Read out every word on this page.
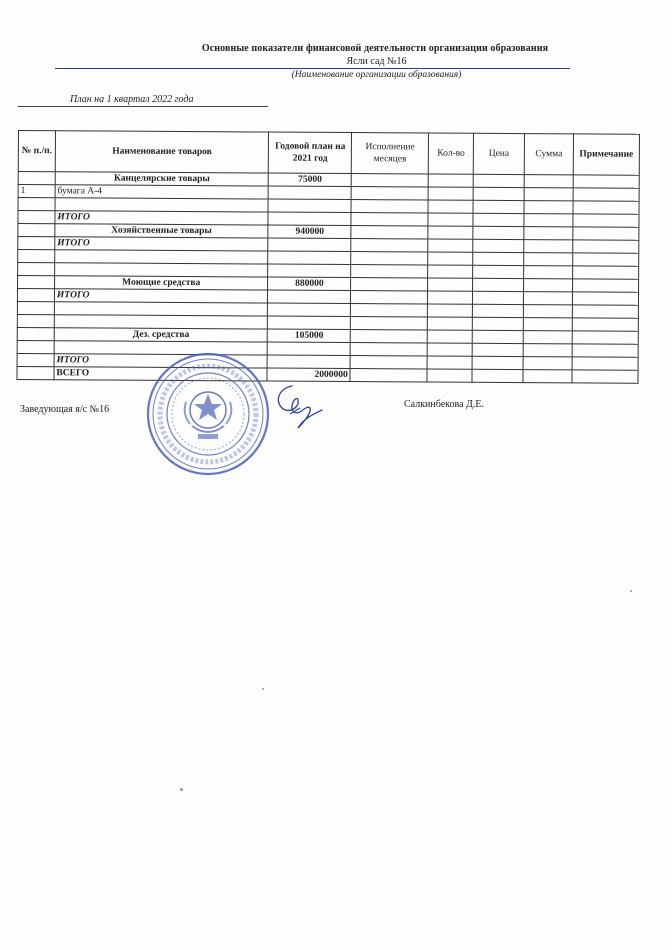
Основные показатели финансовой деятельности организации образования
Ясли сад №16
(Наименование организации образования)
План на 1 квартал 2022 года
№ п./п.	Наименование товаров	Годовой план на 2021 год	Исполнение месяцев	Кол-во	Цена	Сумма	Примечание
	Канцелярские товары	75000					
1	бумага А-4						

	ИТОГО						
	Хозяйственные товары	940000					
	ИТОГО						

	Моющие средства	880000					
	ИТОГО						

	Дез. средства	105000					

	ИТОГО						
	ВСЕГО	2000000					
Заведующая я/с №16	Салкинбекова Д.Е.
